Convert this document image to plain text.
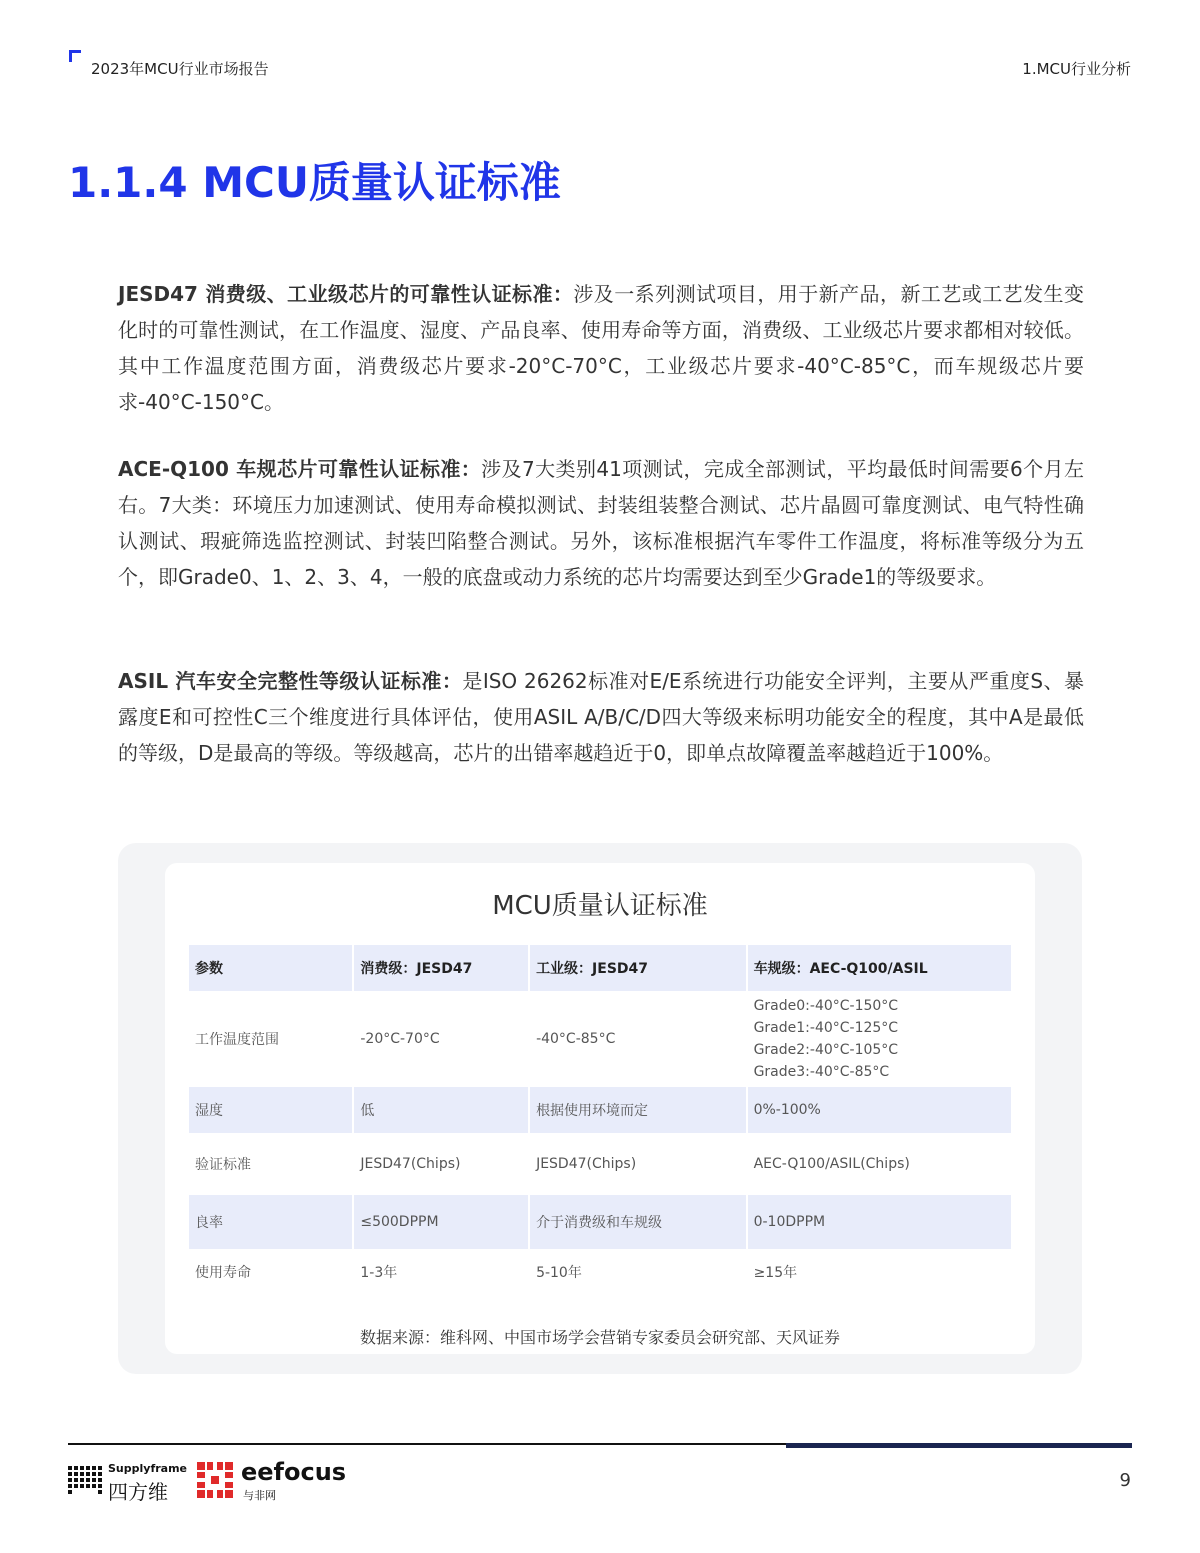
2023年MCU行业市场报告	1.MCU行业分析
1.1.4 MCU质量认证标准
JESD47 消费级、工业级芯片的可靠性认证标准：涉及一系列测试项目，用于新产品，新工艺或工艺发生变化时的可靠性测试，在工作温度、湿度、产品良率、使用寿命等方面，消费级、工业级芯片要求都相对较低。其中工作温度范围方面，消费级芯片要求-20°C-70°C，工业级芯片要求-40°C-85°C，而车规级芯片要求-40°C-150°C。
ACE-Q100 车规芯片可靠性认证标准：涉及7大类别41项测试，完成全部测试，平均最低时间需要6个月左右。7大类：环境压力加速测试、使用寿命模拟测试、封装组装整合测试、芯片晶圆可靠度测试、电气特性确认测试、瑕疵筛选监控测试、封装凹陷整合测试。另外，该标准根据汽车零件工作温度，将标准等级分为五个，即Grade0、1、2、3、4，一般的底盘或动力系统的芯片均需要达到至少Grade1的等级要求。
ASIL 汽车安全完整性等级认证标准：是ISO 26262标准对E/E系统进行功能安全评判，主要从严重度S、暴露度E和可控性C三个维度进行具体评估，使用ASIL A/B/C/D四大等级来标明功能安全的程度，其中A是最低的等级，D是最高的等级。等级越高，芯片的出错率越趋近于0，即单点故障覆盖率越趋近于100%。
MCU质量认证标准
参数	消费级：JESD47	工业级：JESD47	车规级：AEC-Q100/ASIL
工作温度范围	-20°C-70°C	-40°C-85°C	Grade0:-40°C-150°C
Grade1:-40°C-125°C
Grade2:-40°C-105°C
Grade3:-40°C-85°C

湿度	低	根据使用环境而定	0%-100%
验证标准	JESD47(Chips)	JESD47(Chips)	AEC-Q100/ASIL(Chips)
良率	≤500DPPM	介于消费级和车规级	0-10DPPM
使用寿命	1-3年	5-10年	≥15年
数据来源：维科网、中国市场学会营销专家委员会研究部、天风证券
Supplyframe
四方维
eefocus
与非网
9
